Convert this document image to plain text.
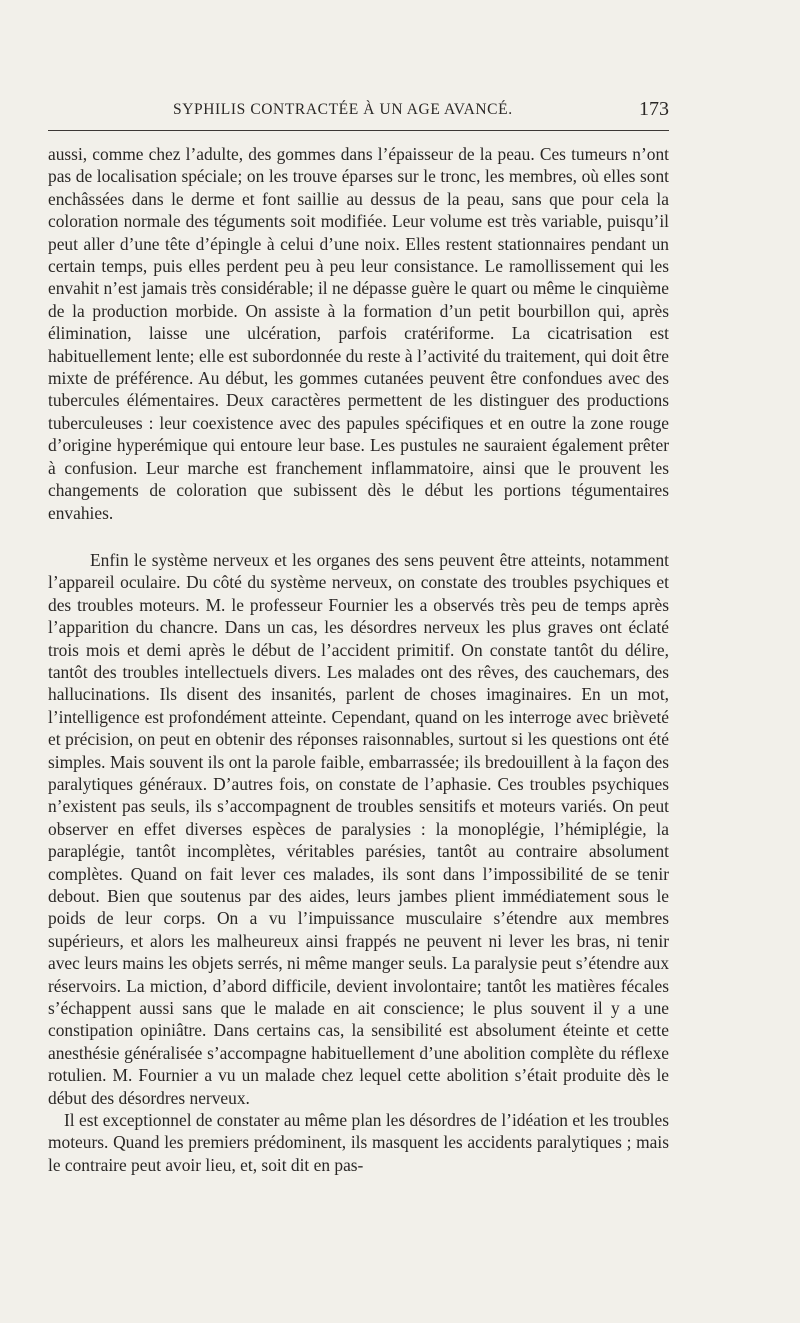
SYPHILIS CONTRACTÉE À UN AGE AVANCÉ.	173

aussi, comme chez l’adulte, des gommes dans l’épaisseur de la peau. Ces tumeurs n’ont pas de localisation spéciale; on les trouve éparses sur le tronc, les membres, où elles sont enchâssées dans le derme et font saillie au dessus de la peau, sans que pour cela la coloration normale des téguments soit modifiée. Leur volume est très variable, puisqu’il peut aller d’une tête d’épingle à celui d’une noix. Elles restent stationnaires pendant un certain temps, puis elles perdent peu à peu leur consistance. Le ramollissement qui les envahit n’est jamais très considérable; il ne dépasse guère le quart ou même le cinquième de la production morbide. On assiste à la formation d’un petit bourbillon qui, après élimination, laisse une ulcération, parfois cratériforme. La cicatrisation est habituellement lente; elle est subordonnée du reste à l’activité du traitement, qui doit être mixte de préférence. Au début, les gommes cutanées peuvent être confondues avec des tubercules élémentaires. Deux caractères permettent de les distinguer des productions tuberculeuses : leur coexistence avec des papules spécifiques et en outre la zone rouge d’origine hyperémique qui entoure leur base. Les pustules ne sauraient également prêter à confusion. Leur marche est franchement inflammatoire, ainsi que le prouvent les changements de coloration que subissent dès le début les portions tégumentaires envahies.

Enfin le système nerveux et les organes des sens peuvent être atteints, notamment l’appareil oculaire. Du côté du système nerveux, on constate des troubles psychiques et des troubles moteurs. M. le professeur Fournier les a observés très peu de temps après l’apparition du chancre. Dans un cas, les désordres nerveux les plus graves ont éclaté trois mois et demi après le début de l’accident primitif. On constate tantôt du délire, tantôt des troubles intellectuels divers. Les malades ont des rêves, des cauchemars, des hallucinations. Ils disent des insanités, parlent de choses imaginaires. En un mot, l’intelligence est profondément atteinte. Cependant, quand on les interroge avec brièveté et précision, on peut en obtenir des réponses raisonnables, surtout si les questions ont été simples. Mais souvent ils ont la parole faible, embarrassée; ils bredouillent à la façon des paralytiques généraux. D’autres fois, on constate de l’aphasie. Ces troubles psychiques n’existent pas seuls, ils s’accompagnent de troubles sensitifs et moteurs variés. On peut observer en effet diverses espèces de paralysies : la monoplégie, l’hémiplégie, la paraplégie, tantôt incomplètes, véritables parésies, tantôt au contraire absolument complètes. Quand on fait lever ces malades, ils sont dans l’impossibilité de se tenir debout. Bien que soutenus par des aides, leurs jambes plient immédiatement sous le poids de leur corps. On a vu l’impuissance musculaire s’étendre aux membres supérieurs, et alors les malheureux ainsi frappés ne peuvent ni lever les bras, ni tenir avec leurs mains les objets serrés, ni même manger seuls. La paralysie peut s’étendre aux réservoirs. La miction, d’abord difficile, devient involontaire; tantôt les matières fécales s’échappent aussi sans que le malade en ait conscience; le plus souvent il y a une constipation opiniâtre. Dans certains cas, la sensibilité est absolument éteinte et cette anesthésie généralisée s’accompagne habituellement d’une abolition complète du réflexe rotulien. M. Fournier a vu un malade chez lequel cette abolition s’était produite dès le début des désordres nerveux.

Il est exceptionnel de constater au même plan les désordres de l’idéation et les troubles moteurs. Quand les premiers prédominent, ils masquent les accidents paralytiques ; mais le contraire peut avoir lieu, et, soit dit en pas-
